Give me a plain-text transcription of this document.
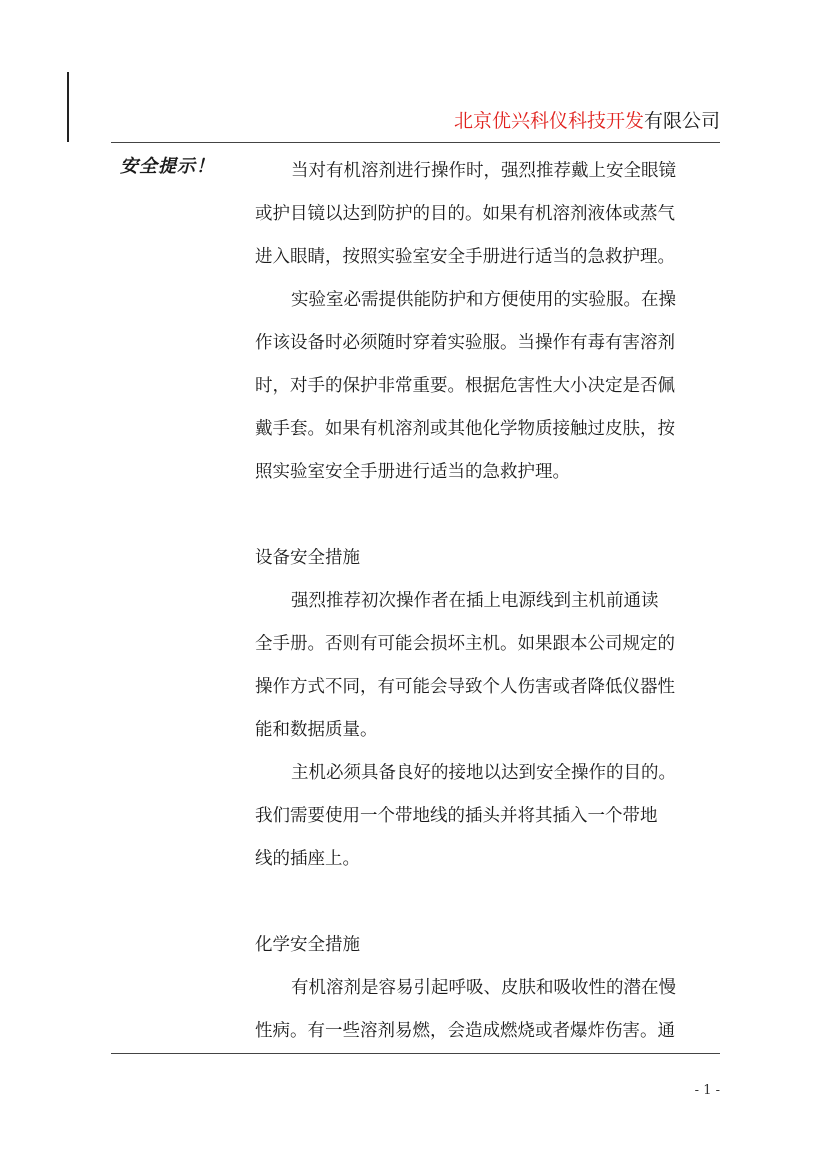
北京优兴科仪科技开发有限公司
安全提示！	当对有机溶剂进行操作时，强烈推荐戴上安全眼镜
或护目镜以达到防护的目的。如果有机溶剂液体或蒸气
进入眼睛，按照实验室安全手册进行适当的急救护理。

实验室必需提供能防护和方便使用的实验服。在操
作该设备时必须随时穿着实验服。当操作有毒有害溶剂
时，对手的保护非常重要。根据危害性大小决定是否佩
戴手套。如果有机溶剂或其他化学物质接触过皮肤，按
照实验室安全手册进行适当的急救护理。

设备安全措施

强烈推荐初次操作者在插上电源线到主机前通读
全手册。否则有可能会损坏主机。如果跟本公司规定的
操作方式不同，有可能会导致个人伤害或者降低仪器性
能和数据质量。

主机必须具备良好的接地以达到安全操作的目的。
我们需要使用一个带地线的插头并将其插入一个带地
线的插座上。

化学安全措施

有机溶剂是容易引起呼吸、皮肤和吸收性的潜在慢
性病。有一些溶剂易燃，会造成燃烧或者爆炸伤害。通

- 1 -
